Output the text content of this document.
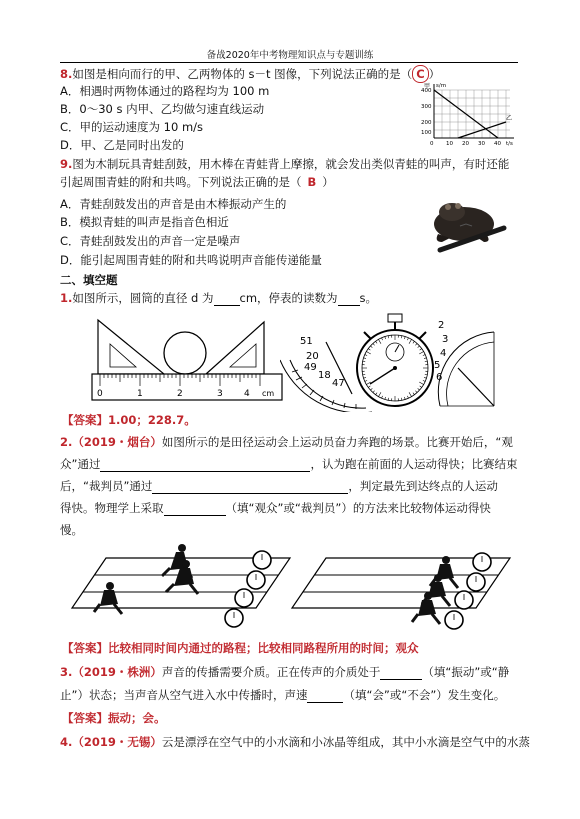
备战2020年中考物理知识点与专题训练
8.如图是相向而行的甲、乙两物体的 s－t 图像，下列说法正确的是（ C ）
A．相遇时两物体通过的路程均为 100 m
B．0～30 s 内甲、乙均做匀速直线运动
C．甲的运动速度为 10 m/s
D．甲、乙是同时出发的
s/m
400
300
200
100
0 10 20 30 40 t/s
甲
乙
9.图为木制玩具青蛙刮鼓，用木棒在青蛙背上摩擦，就会发出类似青蛙的叫声，有时还能
引起周围青蛙的附和共鸣。下列说法正确的是（ B ）
A．青蛙刮鼓发出的声音是由木棒振动产生的
B．模拟青蛙的叫声是指音色相近
C．青蛙刮鼓发出的声音一定是噪声
D．能引起周围青蛙的附和共鸣说明声音能传递能量
二、填空题
1.如图所示，圆筒的直径 d 为 cm，停表的读数为 s。
0	1	2	3 4 cm
51
20
49
18
47
2
3
4
5
6
【答案】1.00；228.7。
2.（2019・烟台）如图所示的是田径运动会上运动员奋力奔跑的场景。比赛开始后，“观
众”通过	，认为跑在前面的人运动得快；比赛结束
后，“裁判员”通过	，判定最先到达终点的人运动
得快。物理学上采取	（填“观众”或“裁判员”）的方法来比较物体运动得快
慢。
【答案】比较相同时间内通过的路程；比较相同路程所用的时间；观众
3.（2019・株洲）声音的传播需要介质。正在传声的介质处于	（填“振动”或“静
止”）状态；当声音从空气进入水中传播时，声速	（填“会”或“不会”）发生变化。
【答案】振动；会。
4.（2019・无锡）云是漂浮在空气中的小水滴和小冰晶等组成，其中小水滴是空气中的水蒸
